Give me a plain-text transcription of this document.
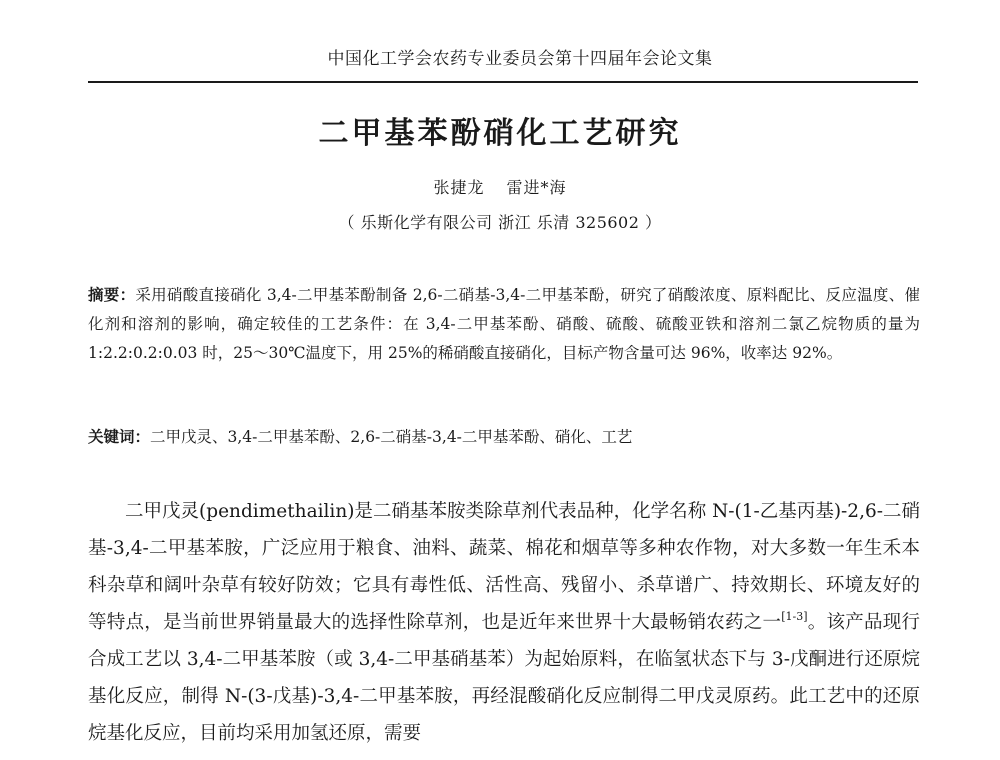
中国化工学会农药专业委员会第十四届年会论文集
二甲基苯酚硝化工艺研究
张捷龙 雷进*海
（ 乐斯化学有限公司 浙江 乐清 325602 ）
摘要：采用硝酸直接硝化 3,4-二甲基苯酚制备 2,6-二硝基-3,4-二甲基苯酚，研究了硝酸浓度、原料配比、反应温度、催化剂和溶剂的影响，确定较佳的工艺条件：在 3,4-二甲基苯酚、硝酸、硫酸、硫酸亚铁和溶剂二氯乙烷物质的量为 1:2.2:0.2:0.03 时，25～30℃温度下，用 25%的稀硝酸直接硝化，目标产物含量可达 96%，收率达 92%。
关键词：二甲戊灵、3,4-二甲基苯酚、2,6-二硝基-3,4-二甲基苯酚、硝化、工艺
二甲戊灵(pendimethailin)是二硝基苯胺类除草剂代表品种，化学名称 N-(1-乙基丙基)-2,6-二硝基-3,4-二甲基苯胺，广泛应用于粮食、油料、蔬菜、棉花和烟草等多种农作物，对大多数一年生禾本科杂草和阔叶杂草有较好防效；它具有毒性低、活性高、残留小、杀草谱广、持效期长、环境友好的等特点，是当前世界销量最大的选择性除草剂，也是近年来世界十大最畅销农药之一[1-3]。该产品现行合成工艺以 3,4-二甲基苯胺（或 3,4-二甲基硝基苯）为起始原料，在临氢状态下与 3-戊酮进行还原烷基化反应，制得 N-(3-戊基)-3,4-二甲基苯胺，再经混酸硝化反应制得二甲戊灵原药。此工艺中的还原烷基化反应，目前均采用加氢还原，需要
